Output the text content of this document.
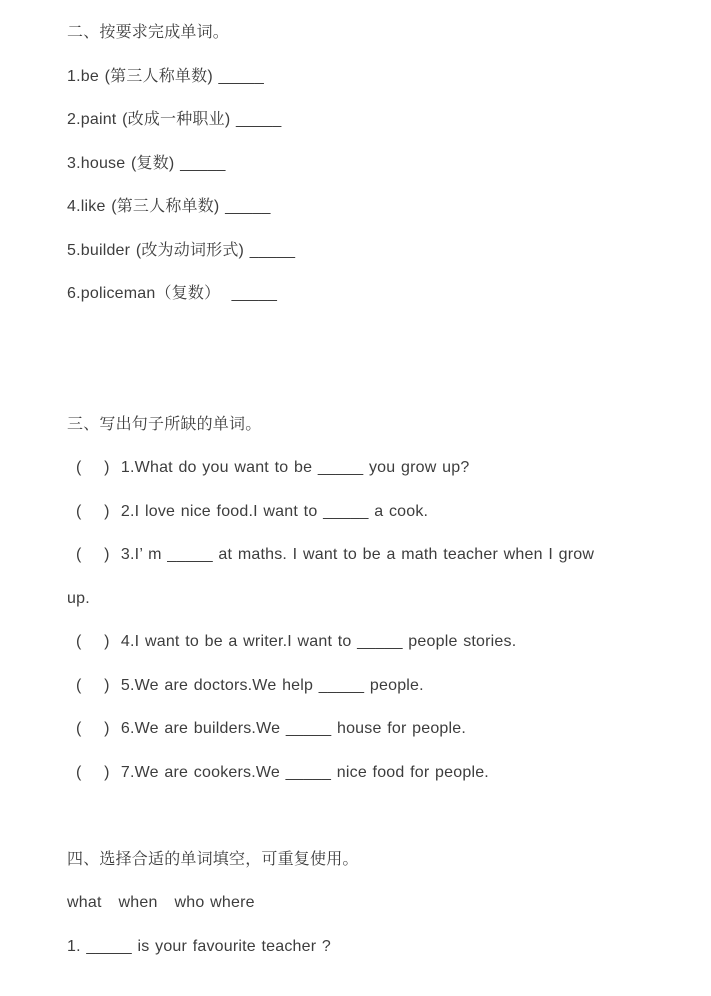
二、按要求完成单词。
1.be (第三人称单数) _____
2.paint (改成一种职业) _____
3.house (复数) _____
4.like (第三人称单数) _____
5.builder (改为动词形式) _____
6.policeman（复数）  _____
三、写出句子所缺的单词。
(    )  1.What do you want to be _____ you grow up?
(    )  2.I love nice food.I want to _____ a cook.
(    )  3.I’ m _____ at maths. I want to be a math teacher when I grow
up.
(    )  4.I want to be a writer.I want to _____ people stories.
(    )  5.We are doctors.We help _____ people.
(    )  6.We are builders.We _____ house for people.
(    )  7.We are cookers.We _____ nice food for people.
四、选择合适的单词填空，可重复使用。
what   when   who where
1. _____ is your favourite teacher ?
